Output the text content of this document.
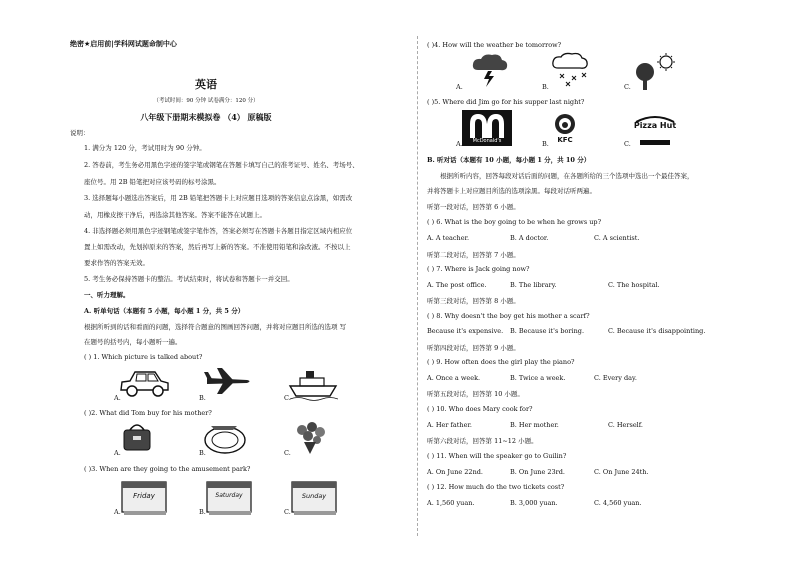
绝密★启用前|学科网试题命制中心
英语
（考试时间：90 分钟 试卷满分：120 分）
八年级下册期末模拟卷 （4） 原稿版
说明：
1. 满分为 120 分，考试用时为 90 分钟。
2. 答卷前，考生务必用黑色字迹的签字笔或钢笔在答题卡填写自己的准考证号、姓名、考场号、
座位号。用 2B 铅笔把对应该号码的标号涂黑。
3. 选择题每小题选出答案后，用 2B 铅笔把答题卡上对应题目选项的答案信息点涂黑，如需改
动，用橡皮擦干净后，再选涂其他答案。答案不能答在试题上。
4. 非选择题必须用黑色字迹钢笔或签字笔作答，答案必须写在答题卡各题目指定区域内相应位
置上如需改动，先划掉原来的答案，然后再写上新的答案。不准使用铅笔和涂改液。不按以上
要求作答的答案无效。
5. 考生务必保持答题卡的整洁。考试结束时，将试卷和答题卡一并交回。
一、听力理解。
A. 听单句话（本题有 5 小题，每小题 1 分，共 5 分）
根据所听到的话和看面的问题，选择符合题意的图画回答问题，并将对应题目所选的选项 写
在题号的括号内，每小题听一遍。
( ) 1. Which picture is talked about?
A.	B.	C.
( )2. What did Tom buy for his mother?
A.	B.	C.
( )3. When are they going to the amusement park?
Friday	Saturday	Sunday
A.	B.	C.
( )4. How will the weather be tomorrow?
A.	B.	C.
( )5. Where did Jim go for his supper last night?
McDonald's	KFC
Pizza Hut
A.	B.	C.
B. 听对话（本题有 10 小题，每小题 1 分，共 10 分）
根据所听内容，回答每段对话后面的问题，在各题所给的三个选项中选出一个最佳答案，
并将答题卡上对应题目所选的选项涂黑。每段对话听两遍。
听第一段对话，回答第 6 小题。
( ) 6. What is the boy going to be when he grows up?
A. A teacher.	B. A doctor.	C. A scientist.
听第二段对话，回答第 7 小题。
( ) 7. Where is Jack going now?
A. The post office.	B. The library.	C. The hospital.
听第三段对话，回答第 8 小题。
( ) 8. Why doesn't the boy get his mother a scarf?
Because it's expensive. B. Because it's boring.	C. Because it's disappointing.
听第四段对话，回答第 9 小题。
( ) 9. How often does the girl play the piano?
A. Once a week.	B. Twice a week.	C. Every day.
听第五段对话，回答第 10 小题。
( ) 10. Who does Mary cook for?
A. Her father.	B. Her mother.	C. Herself.
听第六段对话，回答第 11~12 小题。
( ) 11. When will the speaker go to Guilin?
A. On June 22nd.	B. On June 23rd.	C. On June 24th.
( ) 12. How much do the two tickets cost?
A. 1,560 yuan.	B. 3,000 yuan.	C. 4,560 yuan.
